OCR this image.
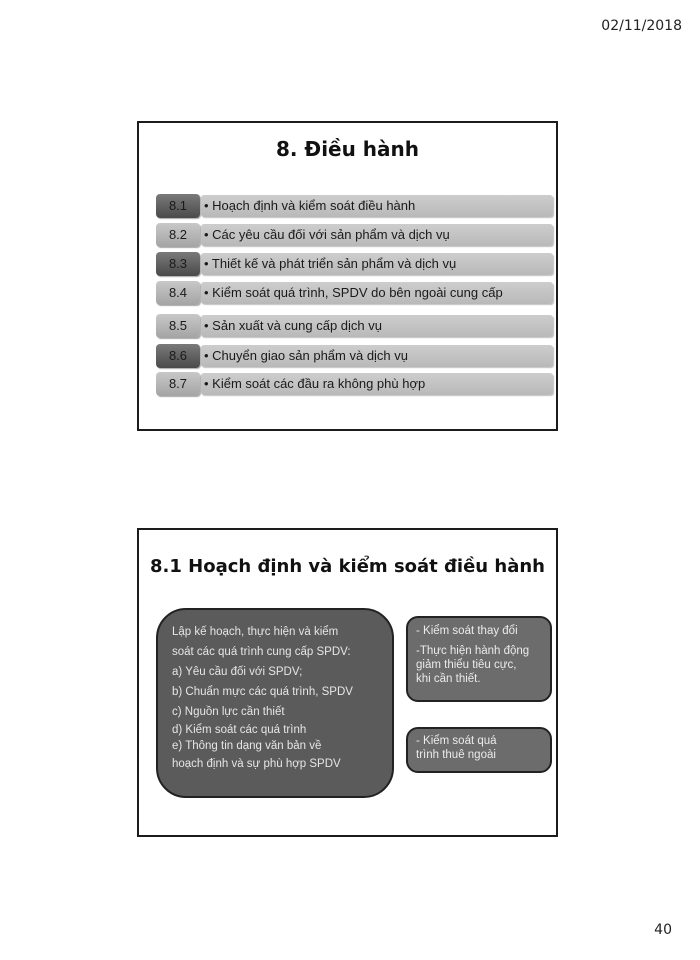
02/11/2018
8. Điều hành
8.1	• Hoạch định và kiểm soát điều hành
8.2	• Các yêu cầu đối với sản phẩm và dịch vụ
8.3	• Thiết kế và phát triển sản phẩm và dịch vụ
8.4	• Kiểm soát quá trình, SPDV do bên ngoài cung cấp
8.5	• Sản xuất và cung cấp dịch vụ
8.6	• Chuyển giao sản phẩm và dịch vụ
8.7	• Kiểm soát các đầu ra không phù hợp
8.1 Hoạch định và kiểm soát điều hành
Lập kế hoạch, thực hiện và kiểm
soát các quá trình cung cấp SPDV:
a) Yêu cầu đối với SPDV;
b) Chuẩn mực các quá trình, SPDV
c) Nguồn lực cần thiết
d) Kiểm soát các quá trình
e) Thông tin dạng văn bản về
hoạch định và sự phù hợp SPDV
- Kiểm soát thay đổi
-Thực hiện hành động
giảm thiểu tiêu cực,
khi cần thiết.
- Kiểm soát quá
trình thuê ngoài
40
